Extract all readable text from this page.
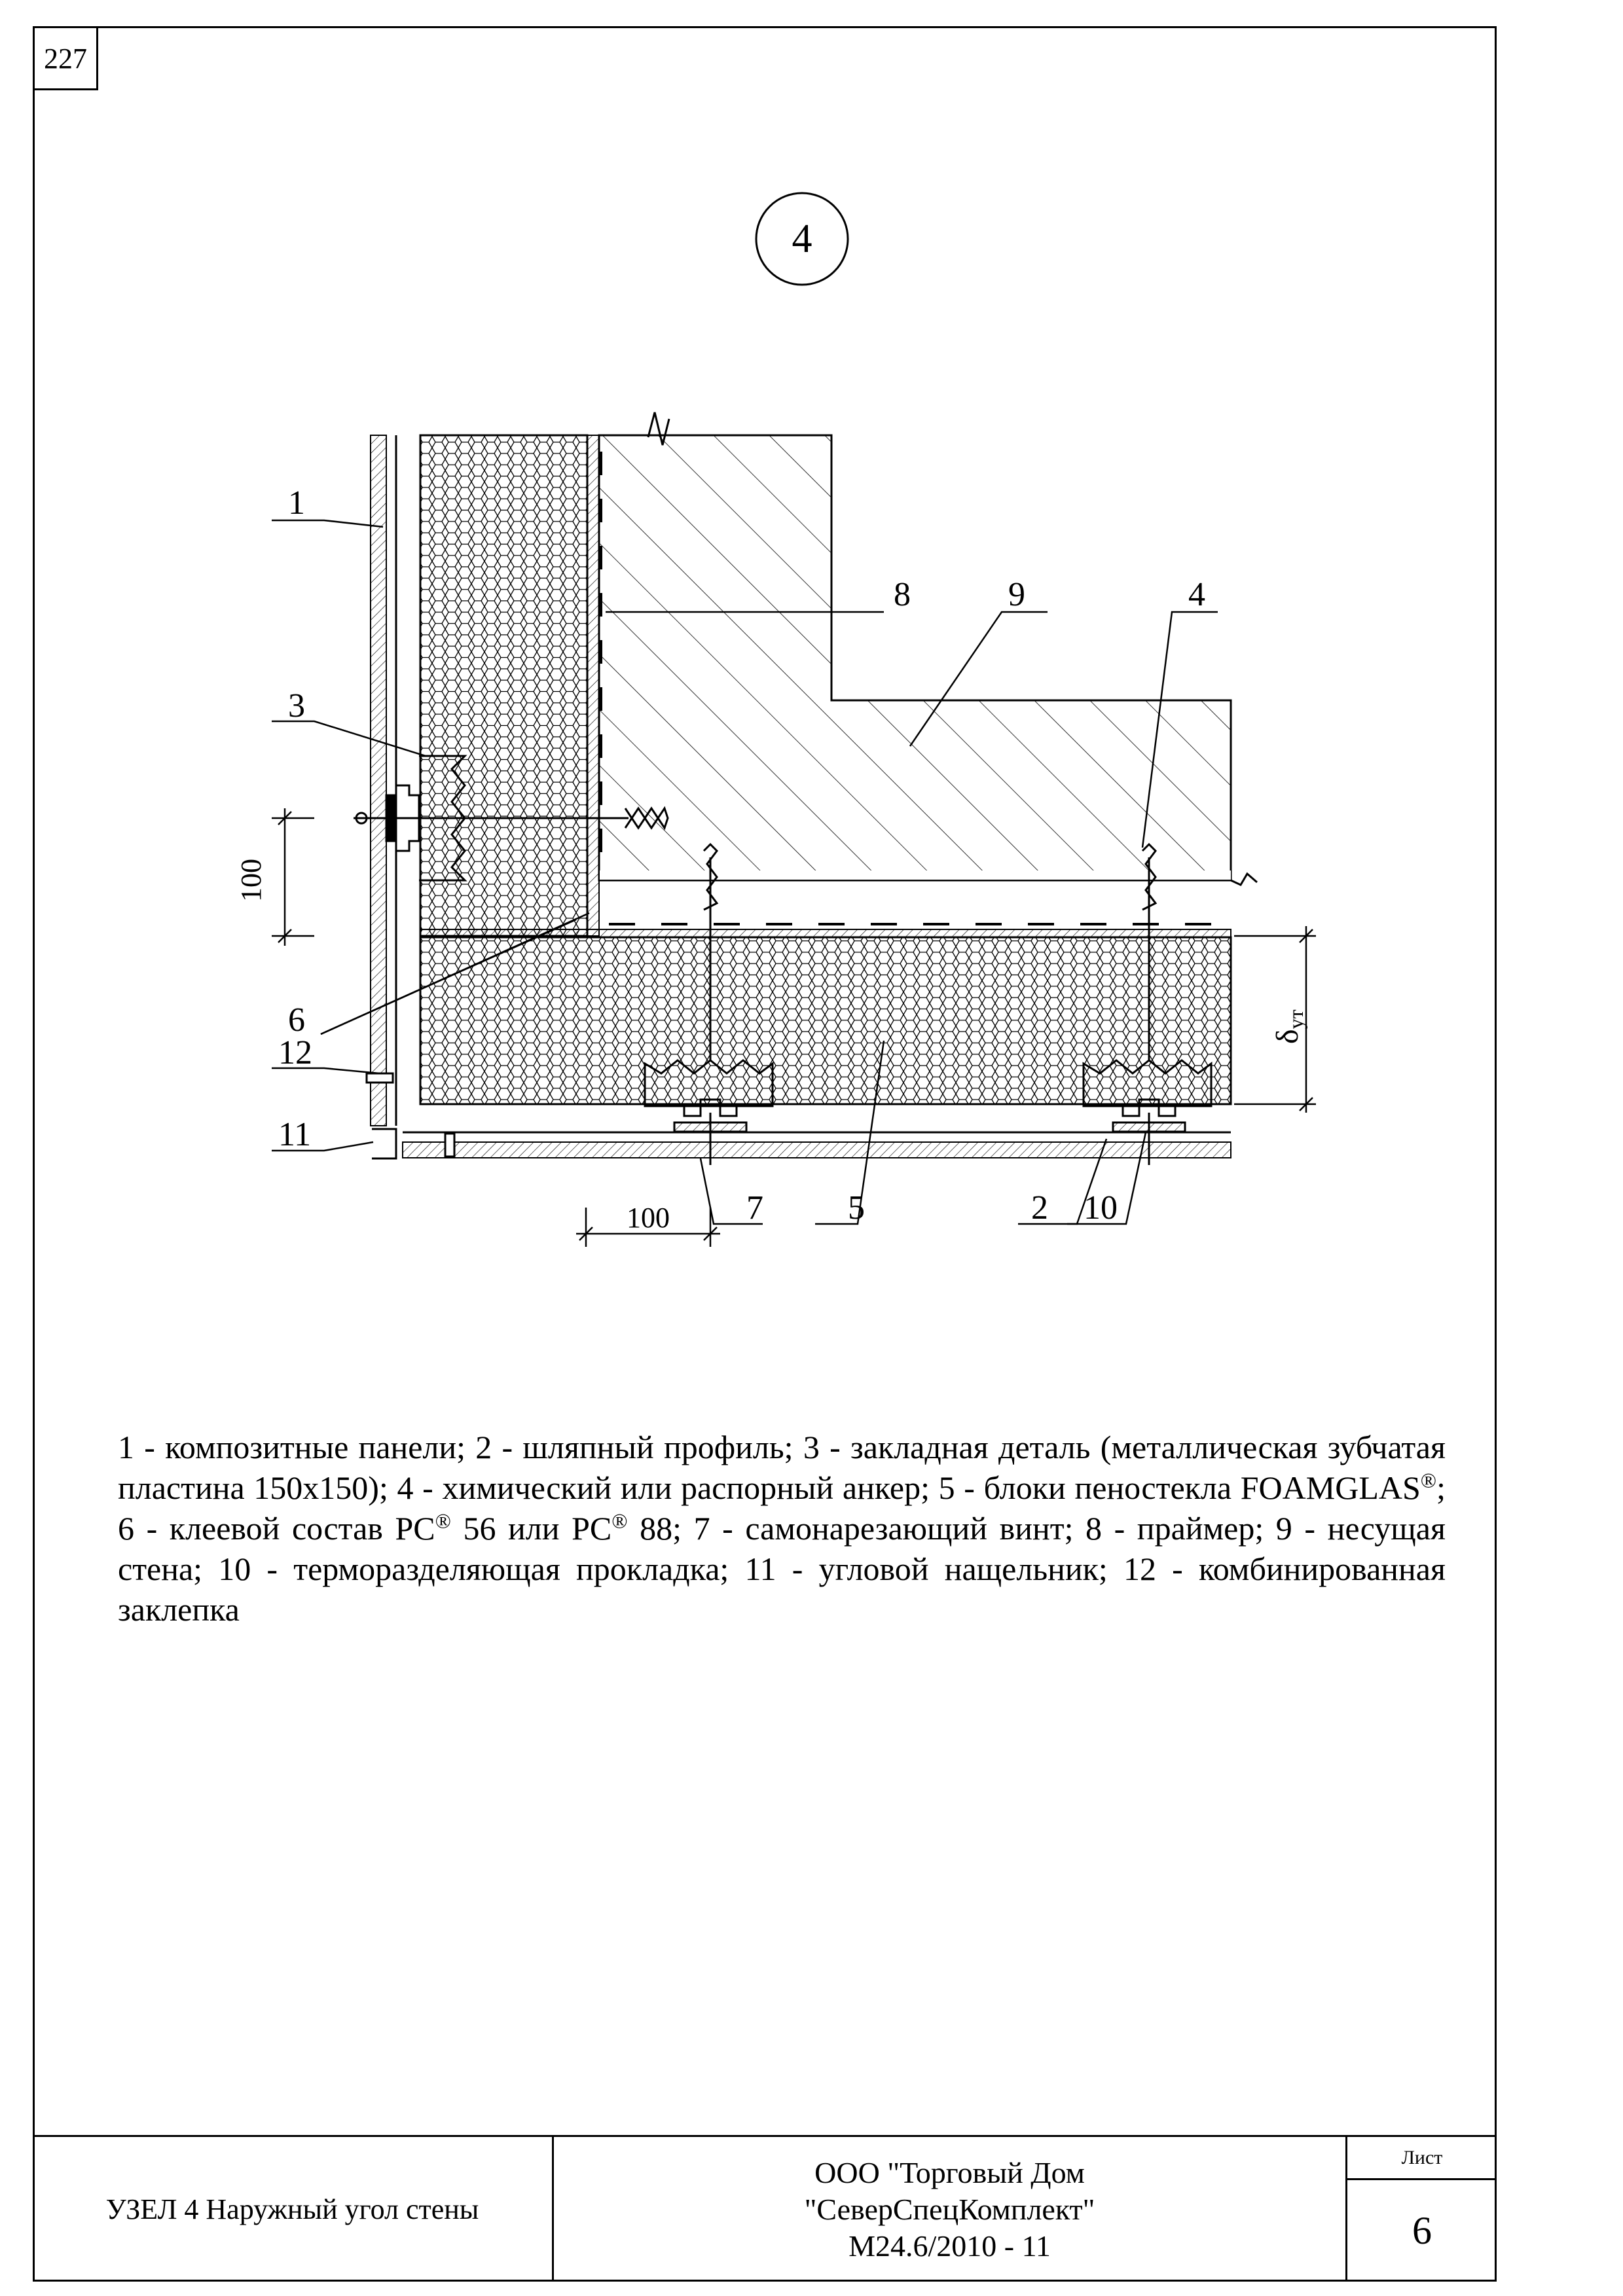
227
4
1
3
6
12
11
8	9	4
7 5	2 10
100
100
δут
1 - композитные панели; 2 - шляпный профиль; 3 - закладная деталь (металлическая зубчатая пластина 150х150); 4 - химический или распорный анкер; 5 - блоки пеностекла FOAMGLAS®; 6 - клеевой состав PC® 56 или PC® 88; 7 - самонарезающий винт; 8 - праймер; 9 - несущая стена; 10 - термоpазделяющая прокладка; 11 - угловой нащельник; 12 - комбинированная заклепка
УЗЕЛ 4 Наружный угол стены
ООО "Торговый Дом
"СеверСпецКомплект"
М24.6/2010 - 11
Лист
6
